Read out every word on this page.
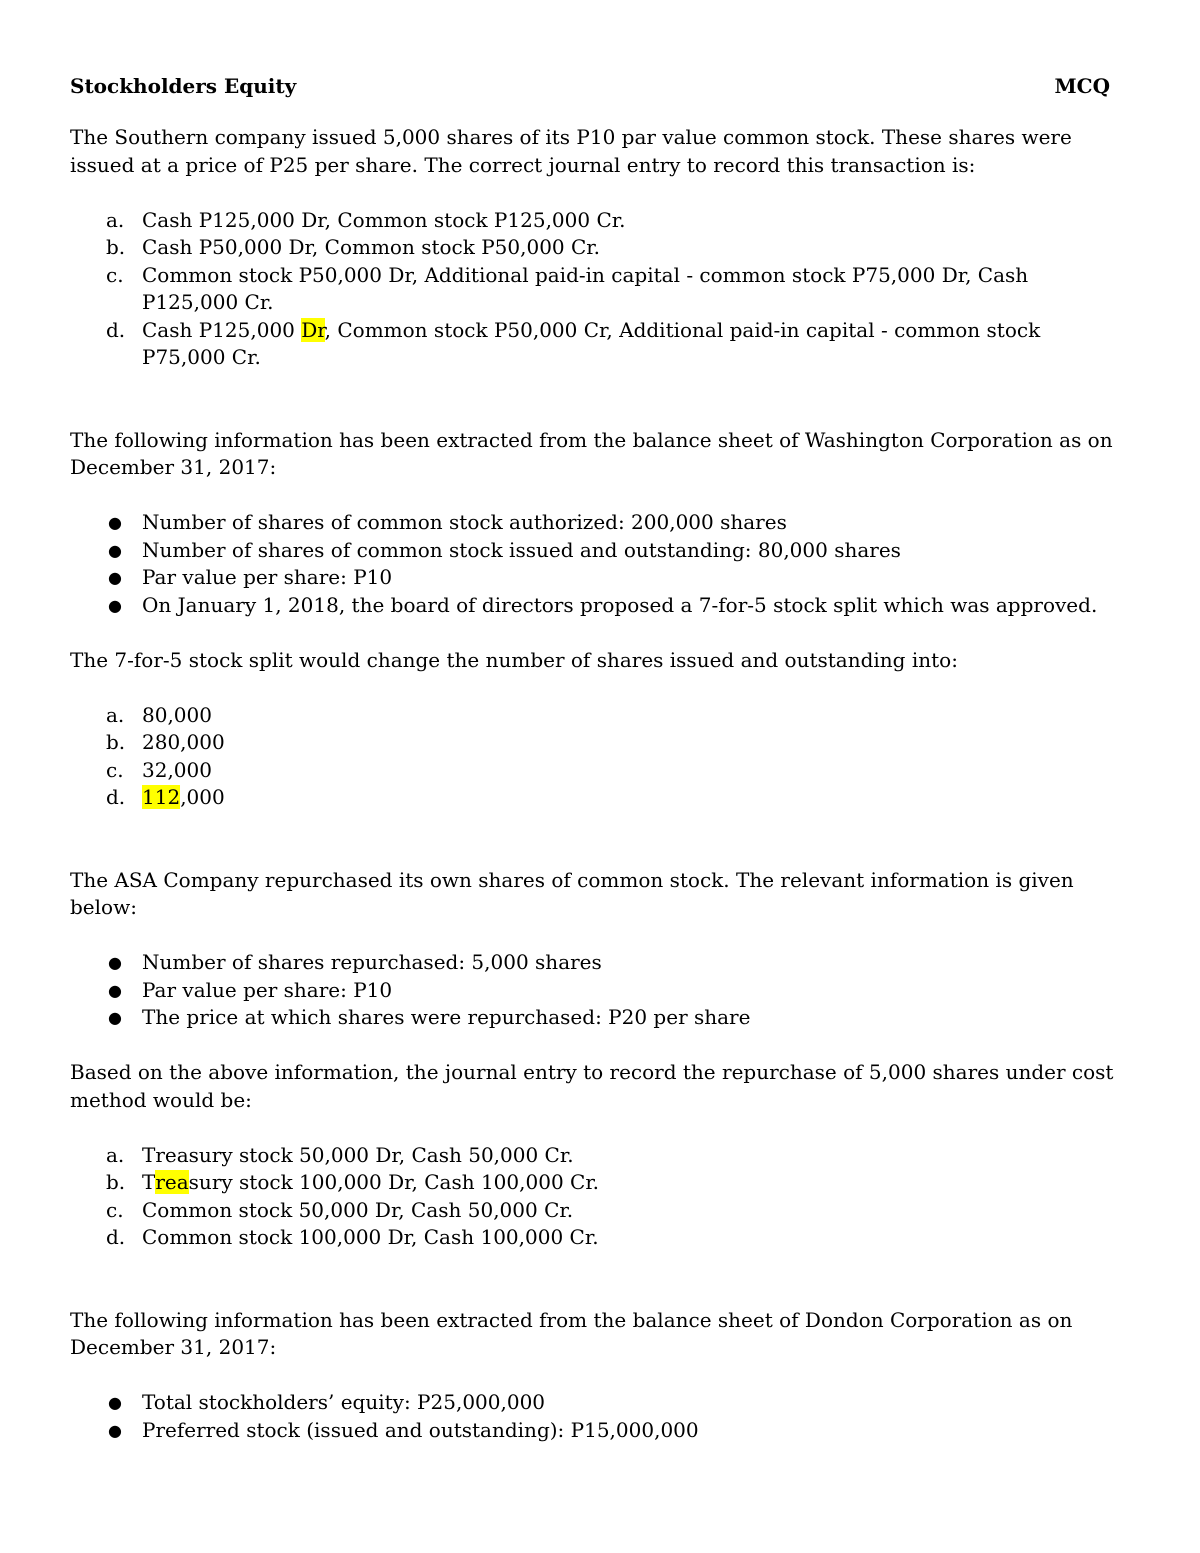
Stockholders Equity	MCQ

The Southern company issued 5,000 shares of its P10 par value common stock. These shares were issued at a price of P25 per share. The correct journal entry to record this transaction is:

a. Cash P125,000 Dr, Common stock P125,000 Cr.
b. Cash P50,000 Dr, Common stock P50,000 Cr.
c. Common stock P50,000 Dr, Additional paid-in capital - common stock P75,000 Dr, Cash P125,000 Cr.
d. Cash P125,000 Dr, Common stock P50,000 Cr, Additional paid-in capital - common stock P75,000 Cr.

The following information has been extracted from the balance sheet of Washington Corporation as on December 31, 2017:

● Number of shares of common stock authorized: 200,000 shares
● Number of shares of common stock issued and outstanding: 80,000 shares
● Par value per share: P10
● On January 1, 2018, the board of directors proposed a 7-for-5 stock split which was approved.

The 7-for-5 stock split would change the number of shares issued and outstanding into:

a. 80,000
b. 280,000
c. 32,000
d. 112,000

The ASA Company repurchased its own shares of common stock. The relevant information is given below:

● Number of shares repurchased: 5,000 shares
● Par value per share: P10
● The price at which shares were repurchased: P20 per share

Based on the above information, the journal entry to record the repurchase of 5,000 shares under cost method would be:

a. Treasury stock 50,000 Dr, Cash 50,000 Cr.
b. Treasury stock 100,000 Dr, Cash 100,000 Cr.
c. Common stock 50,000 Dr, Cash 50,000 Cr.
d. Common stock 100,000 Dr, Cash 100,000 Cr.

The following information has been extracted from the balance sheet of Dondon Corporation as on December 31, 2017:

● Total stockholders’ equity: P25,000,000
● Preferred stock (issued and outstanding): P15,000,000
